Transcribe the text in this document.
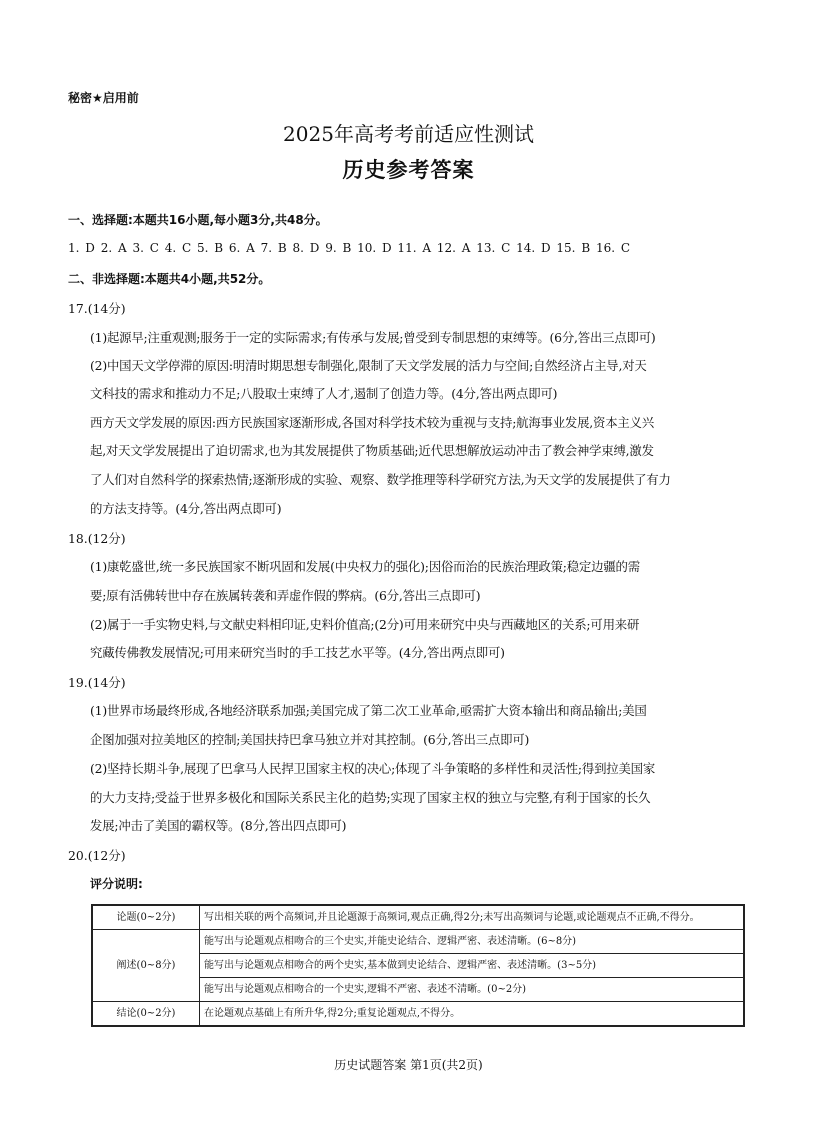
秘密★启用前
2025年高考考前适应性测试
历史参考答案
一、选择题:本题共16小题,每小题3分,共48分。
1. D 2. A 3. C 4. C 5. B 6. A 7. B 8. D 9. B 10. D 11. A 12. A 13. C 14. D 15. B 16. C
二、非选择题:本题共4小题,共52分。
17.(14分)
(1)起源早;注重观测;服务于一定的实际需求;有传承与发展;曾受到专制思想的束缚等。(6分,答出三点即可)
(2)中国天文学停滞的原因:明清时期思想专制强化,限制了天文学发展的活力与空间;自然经济占主导,对天
文科技的需求和推动力不足;八股取士束缚了人才,遏制了创造力等。(4分,答出两点即可)
西方天文学发展的原因:西方民族国家逐渐形成,各国对科学技术较为重视与支持;航海事业发展,资本主义兴
起,对天文学发展提出了迫切需求,也为其发展提供了物质基础;近代思想解放运动冲击了教会神学束缚,激发
了人们对自然科学的探索热情;逐渐形成的实验、观察、数学推理等科学研究方法,为天文学的发展提供了有力
的方法支持等。(4分,答出两点即可)
18.(12分)
(1)康乾盛世,统一多民族国家不断巩固和发展(中央权力的强化);因俗而治的民族治理政策;稳定边疆的需
要;原有活佛转世中存在族属转袭和弄虚作假的弊病。(6分,答出三点即可)
(2)属于一手实物史料,与文献史料相印证,史料价值高;(2分)可用来研究中央与西藏地区的关系;可用来研
究藏传佛教发展情况;可用来研究当时的手工技艺水平等。(4分,答出两点即可)
19.(14分)
(1)世界市场最终形成,各地经济联系加强;美国完成了第二次工业革命,亟需扩大资本输出和商品输出;美国
企图加强对拉美地区的控制;美国扶持巴拿马独立并对其控制。(6分,答出三点即可)
(2)坚持长期斗争,展现了巴拿马人民捍卫国家主权的决心;体现了斗争策略的多样性和灵活性;得到拉美国家
的大力支持;受益于世界多极化和国际关系民主化的趋势;实现了国家主权的独立与完整,有利于国家的长久
发展;冲击了美国的霸权等。(8分,答出四点即可)
20.(12分)
评分说明:
论题(0~2分)	写出相关联的两个高频词,并且论题源于高频词,观点正确,得2分;未写出高频词与论题,或论题观点不正确,不得分。
阐述(0~8分)	能写出与论题观点相吻合的三个史实,并能史论结合、逻辑严密、表述清晰。(6~8分)
	能写出与论题观点相吻合的两个史实,基本做到史论结合、逻辑严密、表述清晰。(3~5分)
	能写出与论题观点相吻合的一个史实,逻辑不严密、表述不清晰。(0~2分)
结论(0~2分)	在论题观点基础上有所升华,得2分;重复论题观点,不得分。
历史试题答案 第1页(共2页)
